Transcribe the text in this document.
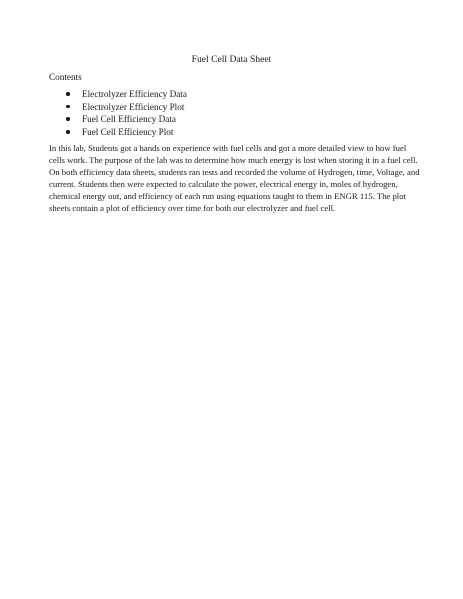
Fuel Cell Data Sheet
Contents
Electrolyzer Efficiency Data
Electrolyzer Efficiency Plot
Fuel Cell Efficiency Data
Fuel Cell Efficiency Plot

In this lab, Students got a hands on experience with fuel cells and got a more detailed view to how fuel cells work. The purpose of the lab was to determine how much energy is lost when storing it in a fuel cell. On both efficiency data sheets, students ran tests and recorded the volume of Hydrogen, time, Voltage, and current. Students then were expected to calculate the power, electrical energy in, moles of hydrogen, chemical energy out, and efficiency of each run using equations taught to them in ENGR 115. The plot sheets contain a plot of efficiency over time for both our electrolyzer and fuel cell.
